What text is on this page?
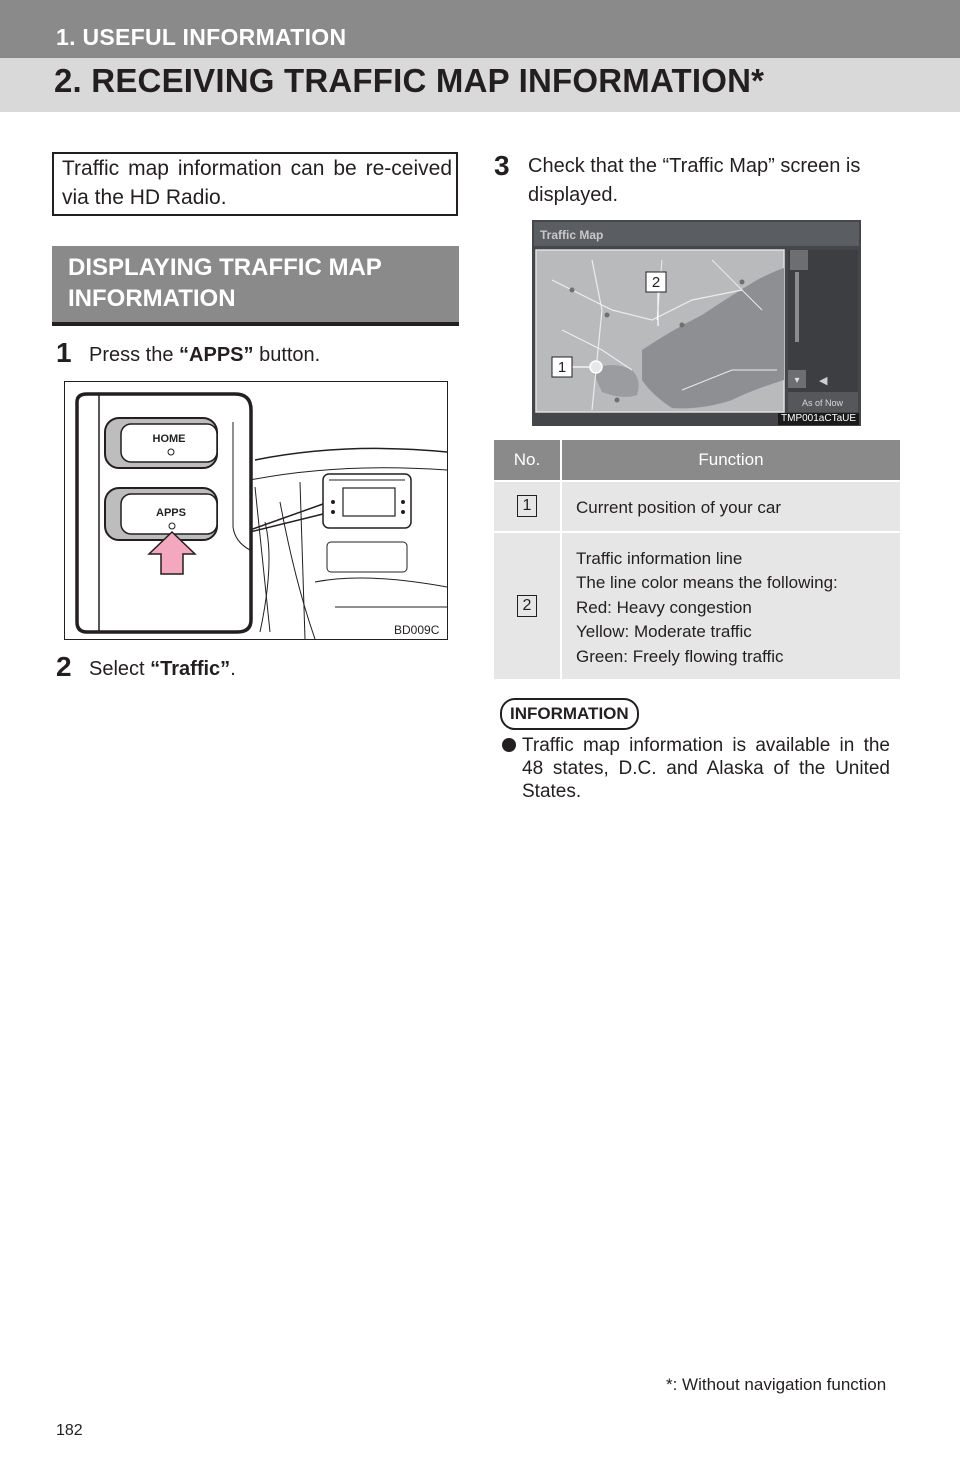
1. USEFUL INFORMATION
2. RECEIVING TRAFFIC MAP INFORMATION*
Traffic map information can be re-ceived via the HD Radio.
DISPLAYING TRAFFIC MAP INFORMATION
1 Press the “APPS” button.
HOME
APPS
BD009C
2 Select “Traffic”.
3 Check that the “Traffic Map” screen is displayed.
Traffic Map
2
1
▾ ◀
As of Now
TMP001aCTaUE
No.	Function
1	Current position of your car

2	Traffic information line
The line color means the following:
Red: Heavy congestion
Yellow: Moderate traffic
Green: Freely flowing traffic
INFORMATION
Traffic map information is available in the 48 states, D.C. and Alaska of the United States.
*: Without navigation function
182
